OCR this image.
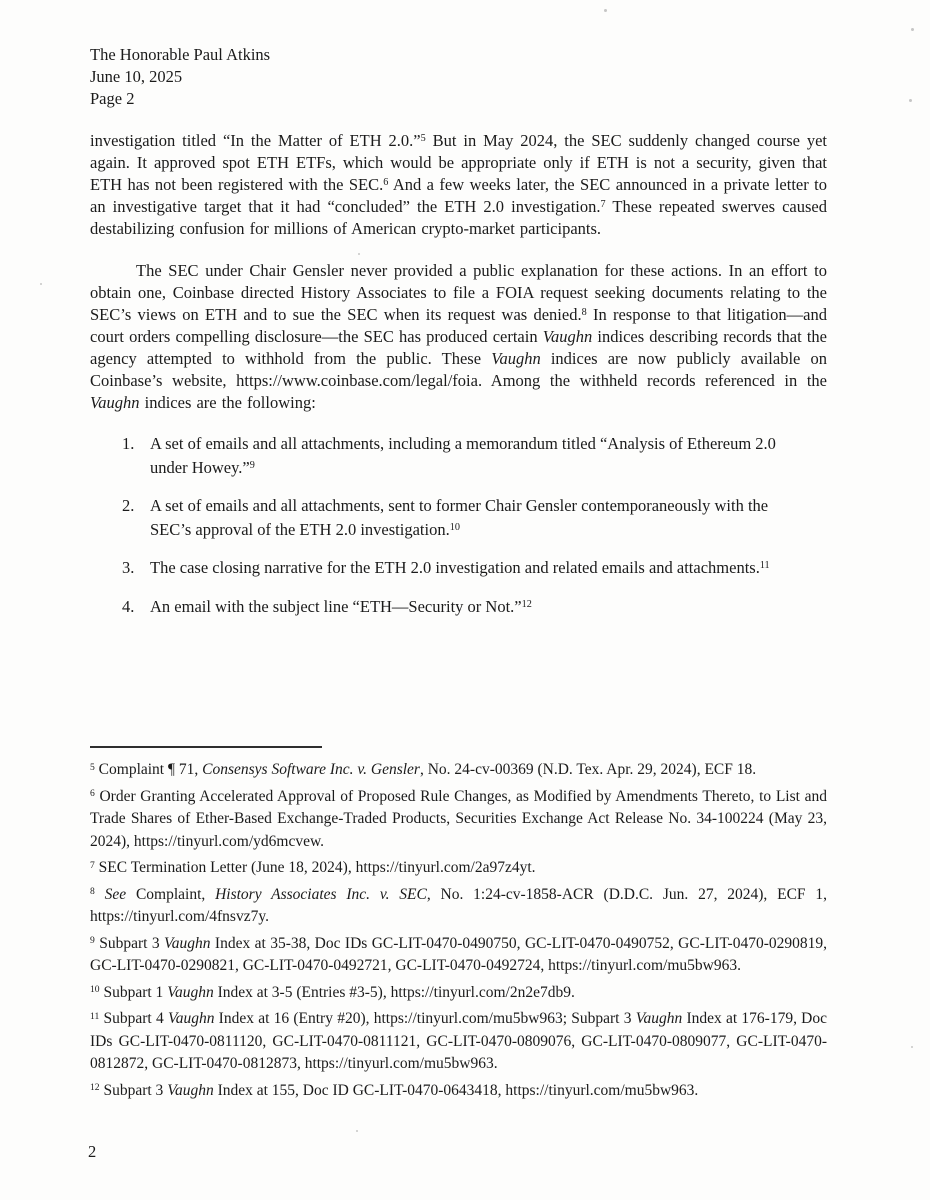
The Honorable Paul Atkins
June 10, 2025
Page 2

investigation titled “In the Matter of ETH 2.0.”$^5$ But in May 2024, the SEC suddenly changed course yet again. It approved spot ETH ETFs, which would be appropriate only if ETH is not a security, given that ETH has not been registered with the SEC.$^6$ And a few weeks later, the SEC announced in a private letter to an investigative target that it had “concluded” the ETH 2.0 investigation.$^7$ These repeated swerves caused destabilizing confusion for millions of American crypto-market participants.

The SEC under Chair Gensler never provided a public explanation for these actions. In an effort to obtain one, Coinbase directed History Associates to file a FOIA request seeking documents relating to the SEC’s views on ETH and to sue the SEC when its request was denied.$^8$ In response to that litigation—and court orders compelling disclosure—the SEC has produced certain Vaughn indices describing records that the agency attempted to withhold from the public. These Vaughn indices are now publicly available on Coinbase’s website, https://www.coinbase.com/legal/foia. Among the withheld records referenced in the Vaughn indices are the following:

1. A set of emails and all attachments, including a memorandum titled “Analysis of Ethereum 2.0 under Howey.”$^9$
2. A set of emails and all attachments, sent to former Chair Gensler contemporaneously with the SEC’s approval of the ETH 2.0 investigation.$^{10}$
3. The case closing narrative for the ETH 2.0 investigation and related emails and attachments.$^{11}$
4. An email with the subject line “ETH—Security or Not.”$^{12}$

$^5$ Complaint ¶ 71, Consensys Software Inc. v. Gensler, No. 24-cv-00369 (N.D. Tex. Apr. 29, 2024), ECF 18.

$^6$ Order Granting Accelerated Approval of Proposed Rule Changes, as Modified by Amendments Thereto, to List and Trade Shares of Ether-Based Exchange-Traded Products, Securities Exchange Act Release No. 34-100224 (May 23, 2024), https://tinyurl.com/yd6mcvew.

$^7$ SEC Termination Letter (June 18, 2024), https://tinyurl.com/2a97z4yt.

$^8$ See Complaint, History Associates Inc. v. SEC, No. 1:24-cv-1858-ACR (D.D.C. Jun. 27, 2024), ECF 1, https://tinyurl.com/4fnsvz7y.

$^9$ Subpart 3 Vaughn Index at 35-38, Doc IDs GC-LIT-0470-0490750, GC-LIT-0470-0490752, GC-LIT-0470-0290819, GC-LIT-0470-0290821, GC-LIT-0470-0492721, GC-LIT-0470-0492724, https://tinyurl.com/mu5bw963.

$^{10}$ Subpart 1 Vaughn Index at 3-5 (Entries #3-5), https://tinyurl.com/2n2e7db9.

$^{11}$ Subpart 4 Vaughn Index at 16 (Entry #20), https://tinyurl.com/mu5bw963; Subpart 3 Vaughn Index at 176-179, Doc IDs GC-LIT-0470-0811120, GC-LIT-0470-0811121, GC-LIT-0470-0809076, GC-LIT-0470-0809077, GC-LIT-0470-0812872, GC-LIT-0470-0812873, https://tinyurl.com/mu5bw963.

$^{12}$ Subpart 3 Vaughn Index at 155, Doc ID GC-LIT-0470-0643418, https://tinyurl.com/mu5bw963.

2
